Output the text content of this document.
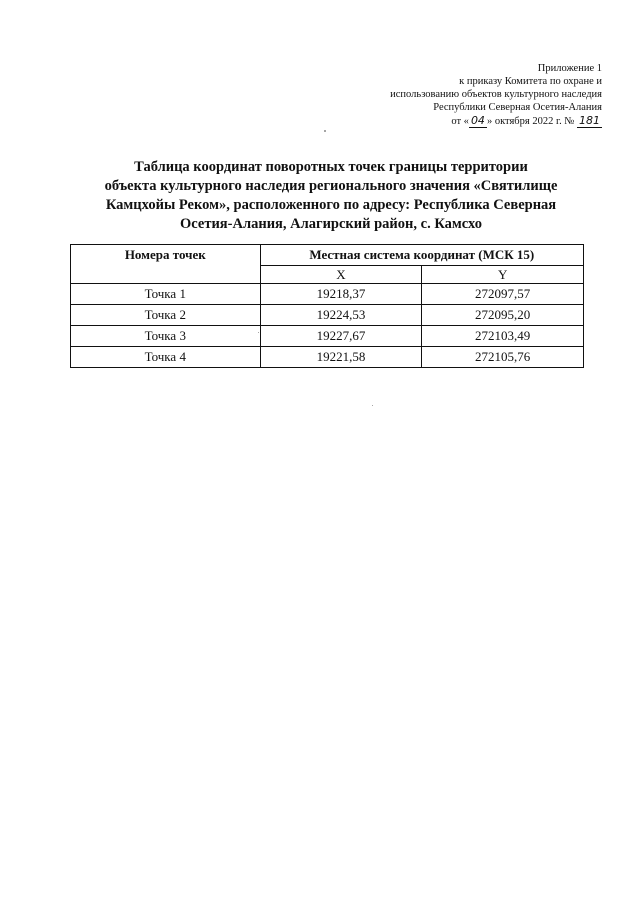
Приложение 1
к приказу Комитета по охране и
использованию объектов культурного наследия
Республики Северная Осетия-Алания
от « 04 » октября 2022 г. № 181
Таблица координат поворотных точек границы территории
объекта культурного наследия регионального значения «Святилище
Камцхойы Реком», расположенного по адресу: Республика Северная
Осетия-Алания, Алагирский район, с. Камсхо
Номера точек	Местная система координат (МСК 15)	
	X	Y
Точка 1	19218,37	272097,57
Точка 2	19224,53	272095,20
Точка 3	19227,67	272103,49
Точка 4	19221,58	272105,76
